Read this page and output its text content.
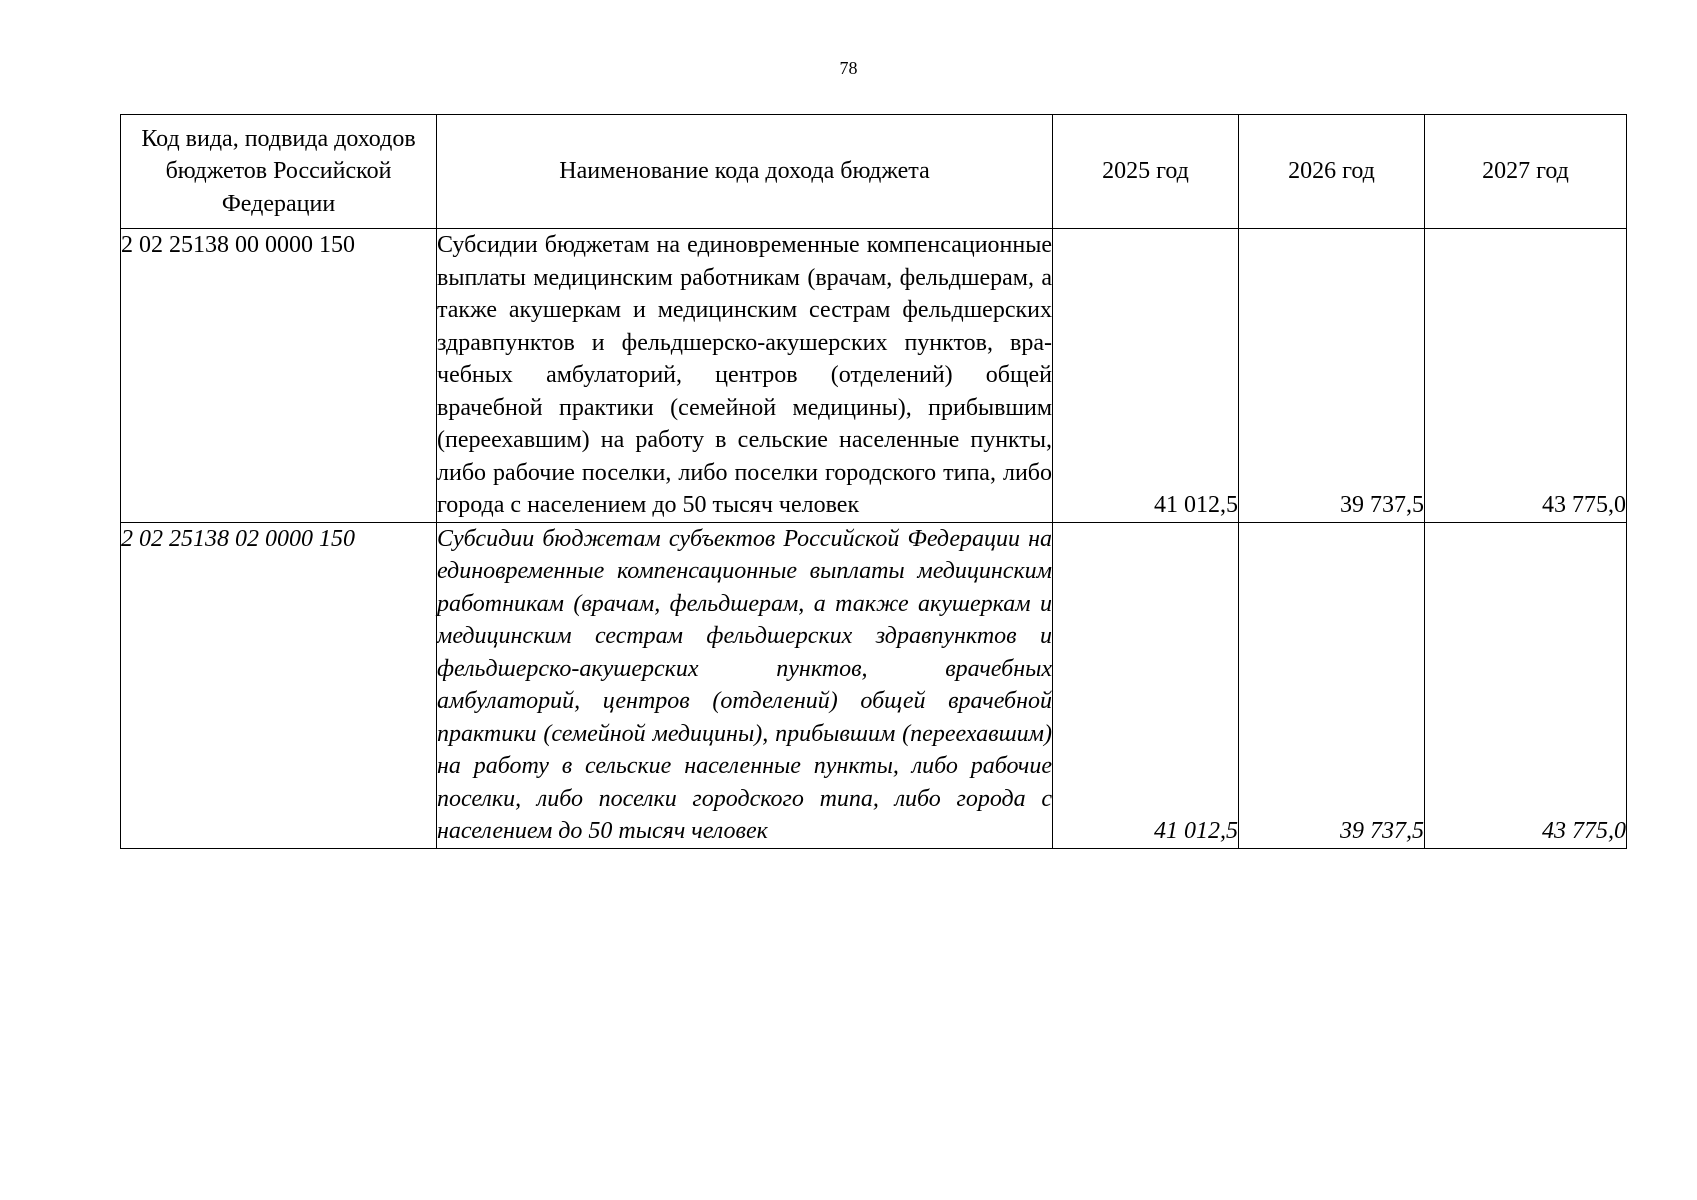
78
Код вида, подвида доходов бюджетов Российской Федерации	Наименование кода дохода бюджета	2025 год	2026 год	2027 год
2 02 25138 00 0000 150	Субсидии бюджетам на единовременные компенсационные выплаты медицинским работникам (врачам, фельдшерам, а также акушеркам и медицинским сестрам фельдшерских здравпунктов и фельдшерско-акушерских пунктов, врачебных амбулаторий, центров (отделений) общей врачебной практики (семейной медицины), прибывшим (переехавшим) на работу в сельские населенные пункты, либо рабочие поселки, либо поселки городского типа, либо города с населением до 50 тысяч человек	41 012,5	39 737,5	43 775,0
2 02 25138 02 0000 150	Субсидии бюджетам субъектов Российской Федерации на единовременные компенсационные выплаты медицинским работникам (врачам, фельдшерам, а также акушеркам и медицинским сестрам фельдшерских здравпунктов и фельдшерско-акушерских пунктов, врачебных амбулаторий, центров (отделений) общей врачебной практики (семейной медицины), прибывшим (переехавшим) на работу в сельские населенные пункты, либо рабочие поселки, либо поселки городского типа, либо города с населением до 50 тысяч человек	41 012,5	39 737,5	43 775,0
